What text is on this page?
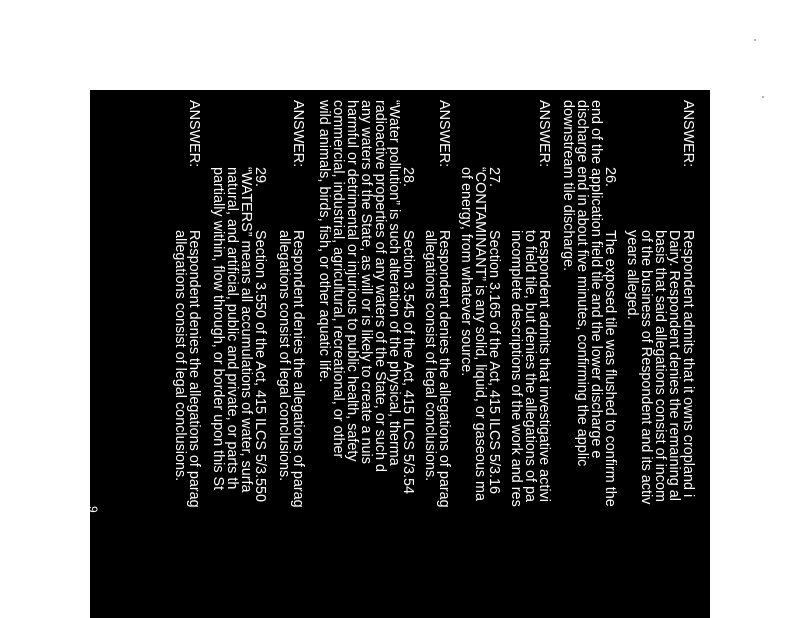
ANSWER:
Respondent admits that it owns cropland i
Dairy. Respondent denies the remaining al
basis that said allegations consist of incom
of the business of Respondent and its activ
years alleged.
26.
The exposed tile was flushed to confirm the
end of the application field tile and the lower discharge e
discharge end in about five minutes, confirming the applic
downstream tile discharge.
ANSWER:
Respondent admits that investigative activi
to field tile, but denies the allegations of pa
incomplete descriptions of the work and res
27.
Section 3.165 of the Act, 415 ILCS 5/3.16
“CONTAMINANT” is any solid, liquid, or gaseous ma
of energy, from whatever source.
ANSWER:
Respondent denies the allegations of parag
allegations consist of legal conclusions.
28.
Section 3.545 of the Act, 415 ILCS 5/3.54
“Water pollution” is such alteration of the physical, therma
radioactive properties of any waters of the State, or such d
any waters of the State, as will or is likely to create a nuis
harmful or detrimental or injurious to public health, safety
commercial, industrial, agricultural, recreational, or other
wild animals, birds, fish, or other aquatic life.
ANSWER:
Respondent denies the allegations of parag
allegations consist of legal conclusions.
29.
Section 3.550 of the Act, 415 ILCS 5/3.550
“WATERS” means all accumulations of water, surfa
natural, and artificial, public and private, or parts th
partially within, flow through, or border upon this St
ANSWER:
Respondent denies the allegations of parag
allegations consist of legal conclusions.
9
